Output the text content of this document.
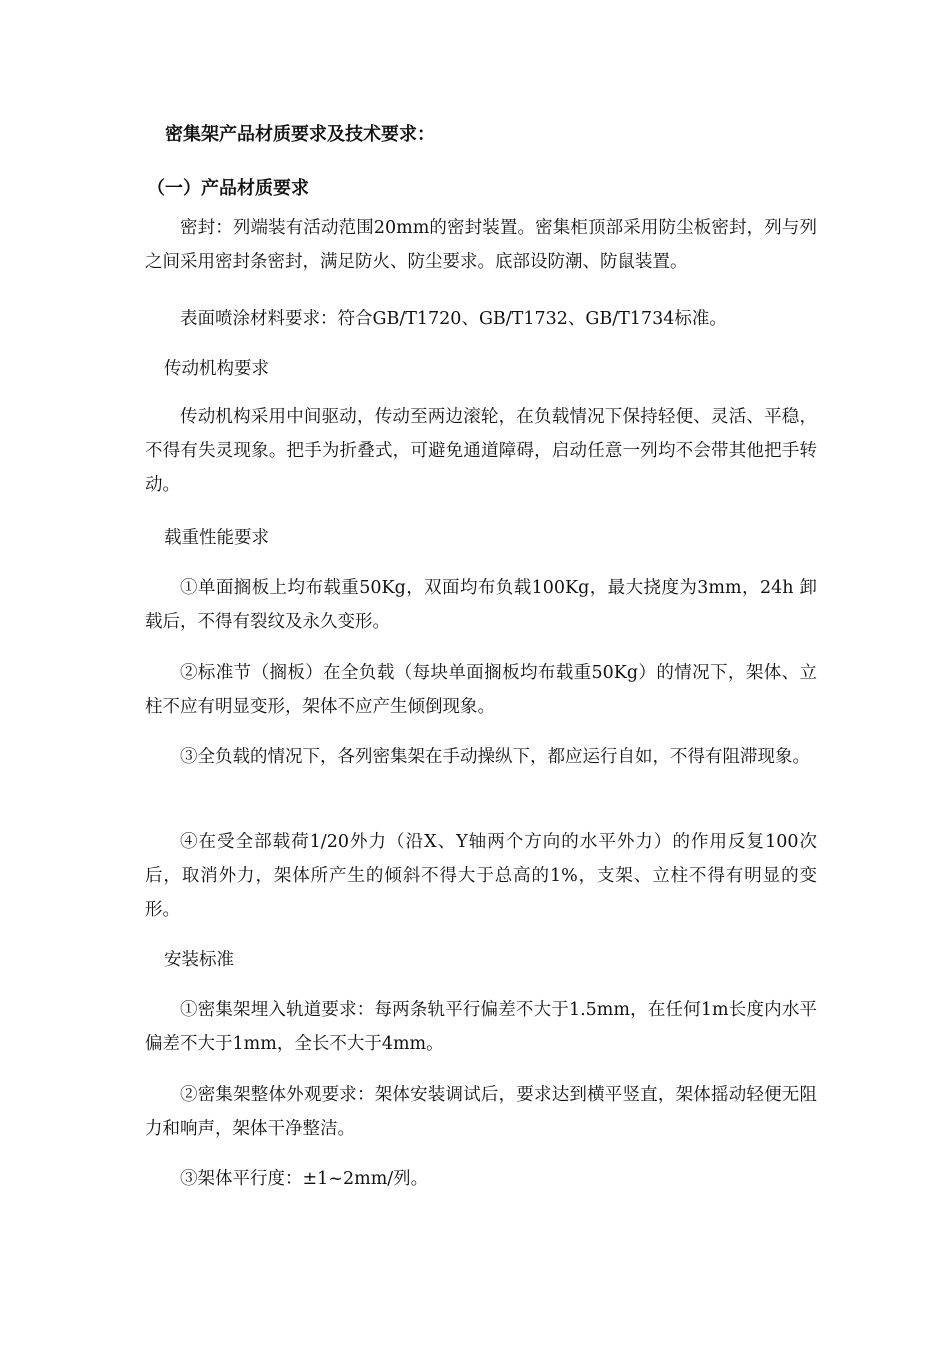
密集架产品材质要求及技术要求：
（一）产品材质要求

密封：列端装有活动范围20mm的密封装置。密集柜顶部采用防尘板密封，列与列之间采用密封条密封，满足防火、防尘要求。底部设防潮、防鼠装置。

表面喷涂材料要求：符合GB/T1720、GB/T1732、GB/T1734标准。

传动机构要求

传动机构采用中间驱动，传动至两边滚轮，在负载情况下保持轻便、灵活、平稳，不得有失灵现象。把手为折叠式，可避免通道障碍，启动任意一列均不会带其他把手转动。

载重性能要求

①单面搁板上均布载重50Kg，双面均布负载100Kg，最大挠度为3mm，24h 卸载后，不得有裂纹及永久变形。

②标准节（搁板）在全负载（每块单面搁板均布载重50Kg）的情况下，架体、立柱不应有明显变形，架体不应产生倾倒现象。

③全负载的情况下，各列密集架在手动操纵下，都应运行自如，不得有阻滞现象。

④在受全部载荷1/20外力（沿X、Y轴两个方向的水平外力）的作用反复100次后，取消外力，架体所产生的倾斜不得大于总高的1%，支架、立柱不得有明显的变形。

安装标准

①密集架埋入轨道要求：每两条轨平行偏差不大于1.5mm，在任何1m长度内水平偏差不大于1mm，全长不大于4mm。

②密集架整体外观要求：架体安装调试后，要求达到横平竖直，架体摇动轻便无阻力和响声，架体干净整洁。

③架体平行度：±1~2mm/列。
